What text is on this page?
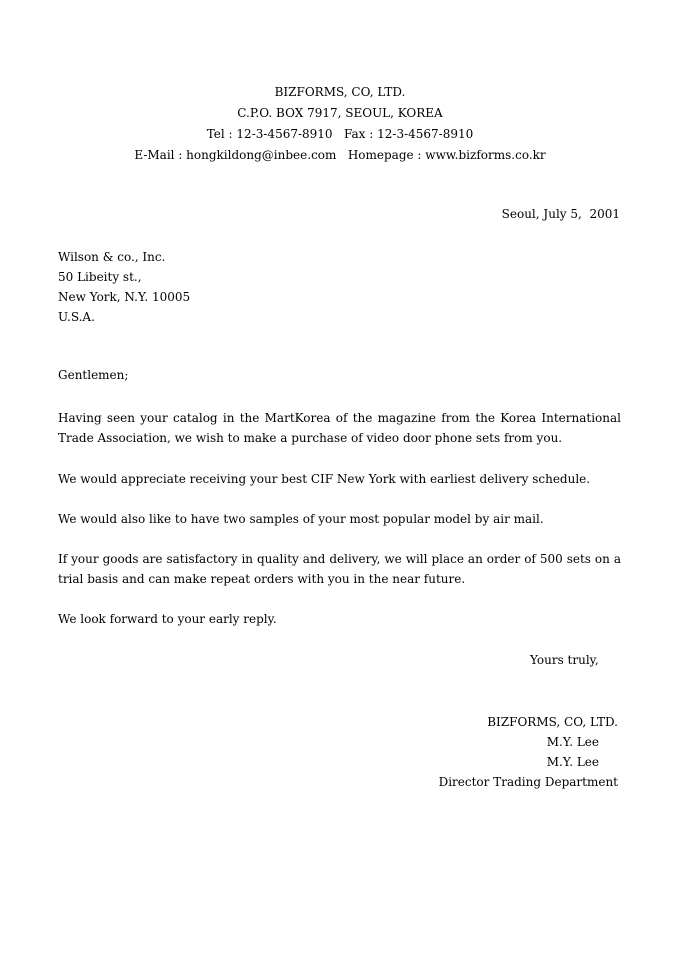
BIZFORMS, CO, LTD.
C.P.O. BOX 7917, SEOUL, KOREA
Tel : 12-3-4567-8910   Fax : 12-3-4567-8910
E-Mail : hongkildong@inbee.com   Homepage : www.bizforms.co.kr
Seoul, July 5,  2001
Wilson & co., Inc.
50 Libeity st.,
New York, N.Y. 10005
U.S.A.
Gentlemen;
Having seen your catalog in the MartKorea of the magazine from the Korea International Trade Association, we wish to make a purchase of video door phone sets from you.
We would appreciate receiving your best CIF New York with earliest delivery schedule.
We would also like to have two samples of your most popular model by air mail.
If your goods are satisfactory in quality and delivery, we will place an order of 500 sets on a trial basis and can make repeat orders with you in the near future.
We look forward to your early reply.
Yours truly,
BIZFORMS, CO, LTD.
M.Y. Lee
M.Y. Lee
Director Trading Department
